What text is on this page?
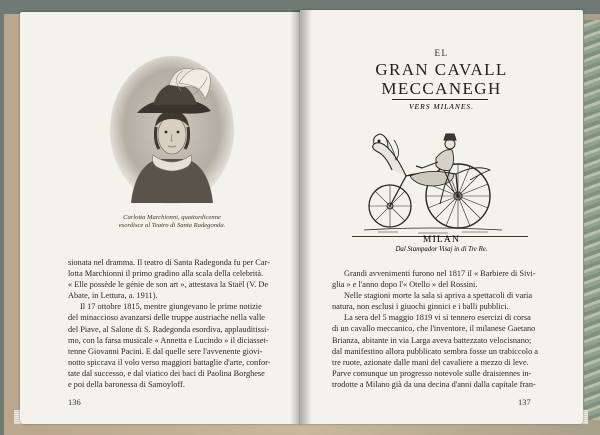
Carlotta Marchionni, quattordicenne
esordisce al Teatro di Santa Radegonda.

sionata nel dramma. Il teatro di Santa Radegonda fu per Car-

lotta Marchionni il primo gradino alla scala della celebrità.

« Elle possède le génie de son art », attestava la Staël (V. De

Abate, in Lettura, a. 1911).

Il 17 ottobre 1815, mentre giungevano le prime notizie

del minaccioso avanzarsi delle truppe austriache nella valle

del Piave, al Salone di S. Radegonda esordiva, applauditissi-

mo, con la farsa musicale « Annetta e Lucindo » il diciasset-

tenne Giovanni Pacini. E dal quelle sere l'avvenente giovi-

notto spiccava il volo verso maggiori battaglie d'arte, confor-

tate dal successo, e dal viatico dei baci di Paolina Borghese

e poi della baronessa di Samoyloff.

136
EL
GRAN CAVALL
MECCANEGH
VERS MILANES.
MILAN
Dal Stampador Visaj in di Tre Re.

Grandi avvenimenti furono nel 1817 il « Barbiere di Sivi-

glia » e l'anno dopo l'« Otello » del Rossini.

Nelle stagioni morte la sala si apriva a spettacoli di varia

natura, non esclusi i giuochi ginnici e i balli pubblici.

La sera del 5 maggio 1819 vi si tennero esercizi di corsa

di un cavallo meccanico, che l'inventore, il milanese Gaetano

Brianza, abitante in via Larga aveva battezzato velocisnano;

dal manifestino allora pubblicato sembra fosse un trabiccolo a

tre ruote, azionate dalle mani del cavaliere a mezzo di leve.

Parve comunque un progresso notevole sulle draisiennes in-

trodotte a Milano già da una decina d'anni dalla capitale fran-

137
